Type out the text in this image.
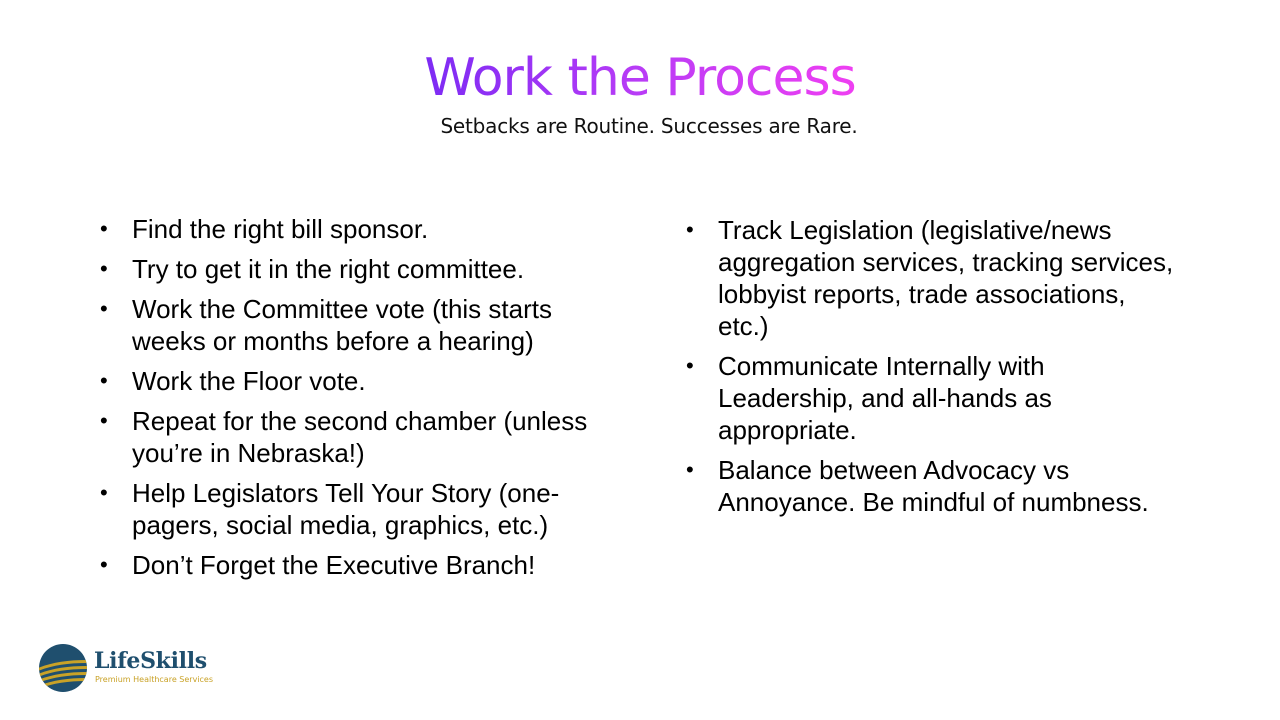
Work the Process
Setbacks are Routine. Successes are Rare.
• Find the right bill sponsor.
• Try to get it in the right committee.
• Work the Committee vote (this starts weeks or months before a hearing)
• Work the Floor vote.
• Repeat for the second chamber (unless you’re in Nebraska!)
• Help Legislators Tell Your Story (one-pagers, social media, graphics, etc.)
• Don’t Forget the Executive Branch!
• Track Legislation (legislative/news aggregation services, tracking services, lobbyist reports, trade associations, etc.)
• Communicate Internally with Leadership, and all-hands as appropriate.
• Balance between Advocacy vs Annoyance. Be mindful of numbness.
LifeSkills
Premium Healthcare Services
